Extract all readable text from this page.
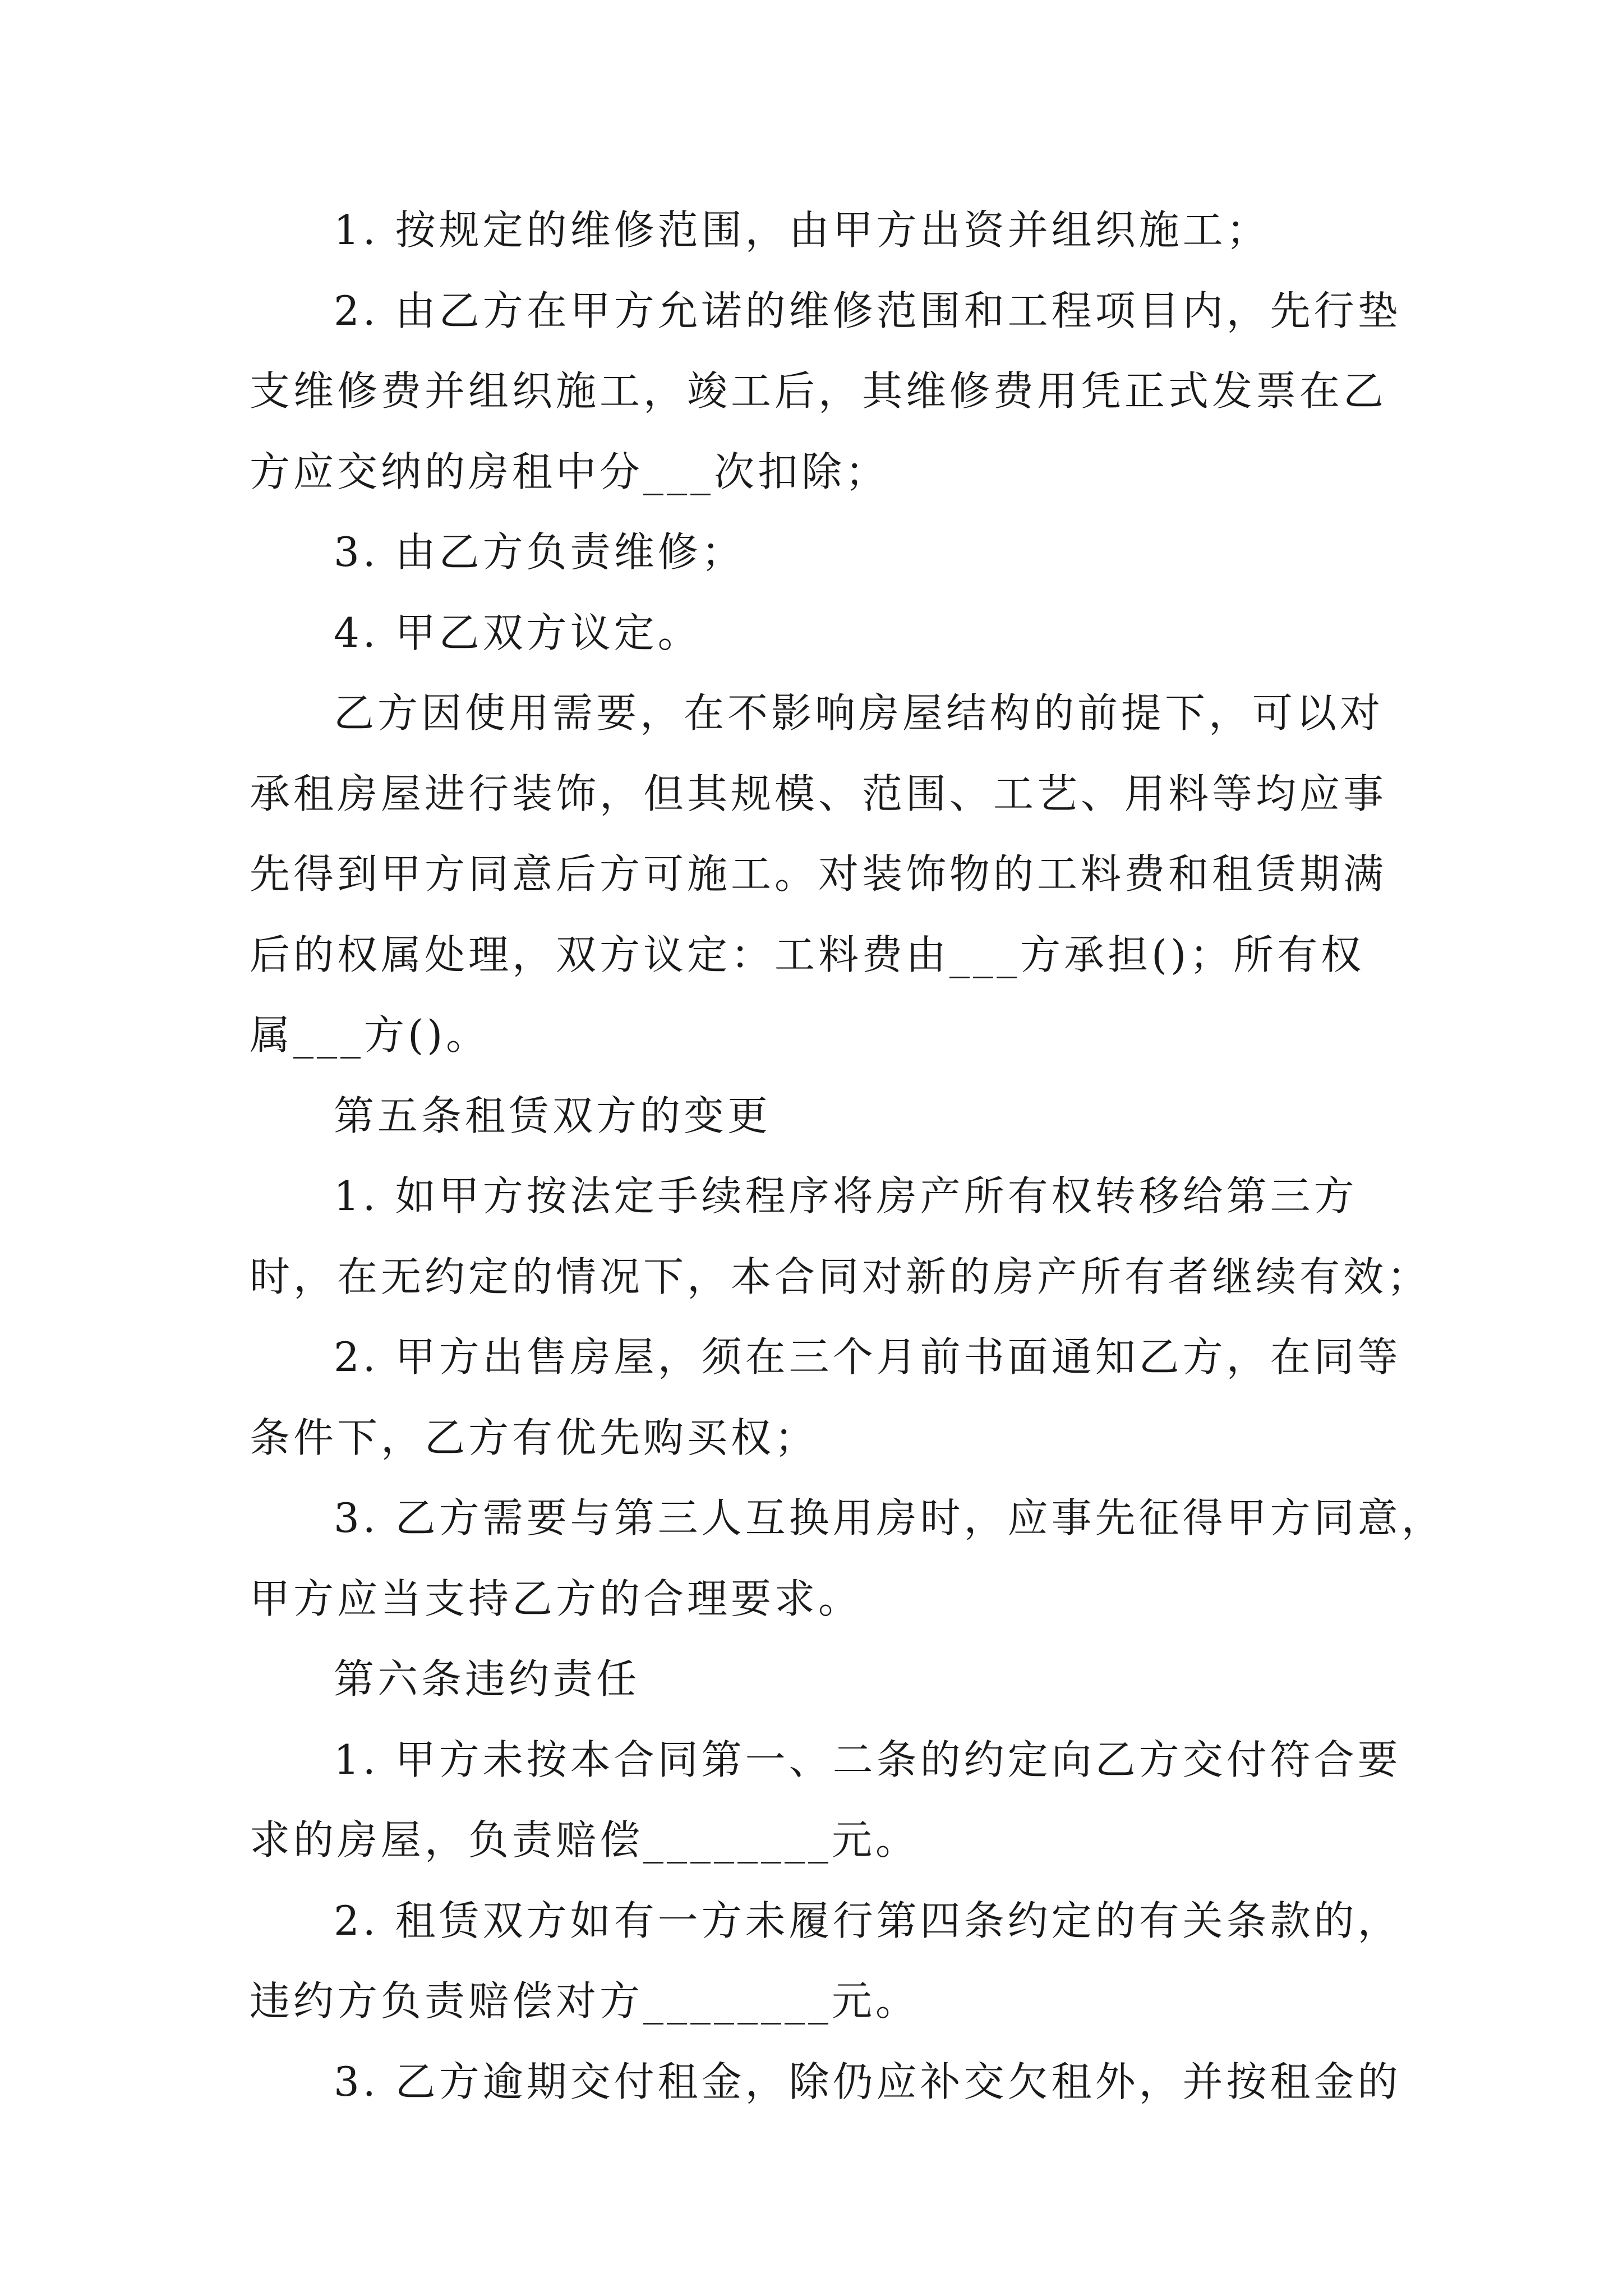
1. 按规定的维修范围，由甲方出资并组织施工；
2. 由乙方在甲方允诺的维修范围和工程项目内，先行垫
支维修费并组织施工，竣工后，其维修费用凭正式发票在乙
方应交纳的房租中分___次扣除；
3. 由乙方负责维修；
4. 甲乙双方议定。
乙方因使用需要，在不影响房屋结构的前提下，可以对
承租房屋进行装饰，但其规模、范围、工艺、用料等均应事
先得到甲方同意后方可施工。对装饰物的工料费和租赁期满
后的权属处理，双方议定：工料费由___方承担()；所有权
属___方()。
第五条租赁双方的变更
1. 如甲方按法定手续程序将房产所有权转移给第三方
时，在无约定的情况下，本合同对新的房产所有者继续有效；
2. 甲方出售房屋，须在三个月前书面通知乙方，在同等
条件下，乙方有优先购买权；
3. 乙方需要与第三人互换用房时，应事先征得甲方同意，
甲方应当支持乙方的合理要求。
第六条违约责任
1. 甲方未按本合同第一、二条的约定向乙方交付符合要
求的房屋，负责赔偿________元。
2. 租赁双方如有一方未履行第四条约定的有关条款的，
违约方负责赔偿对方________元。
3. 乙方逾期交付租金，除仍应补交欠租外，并按租金的
